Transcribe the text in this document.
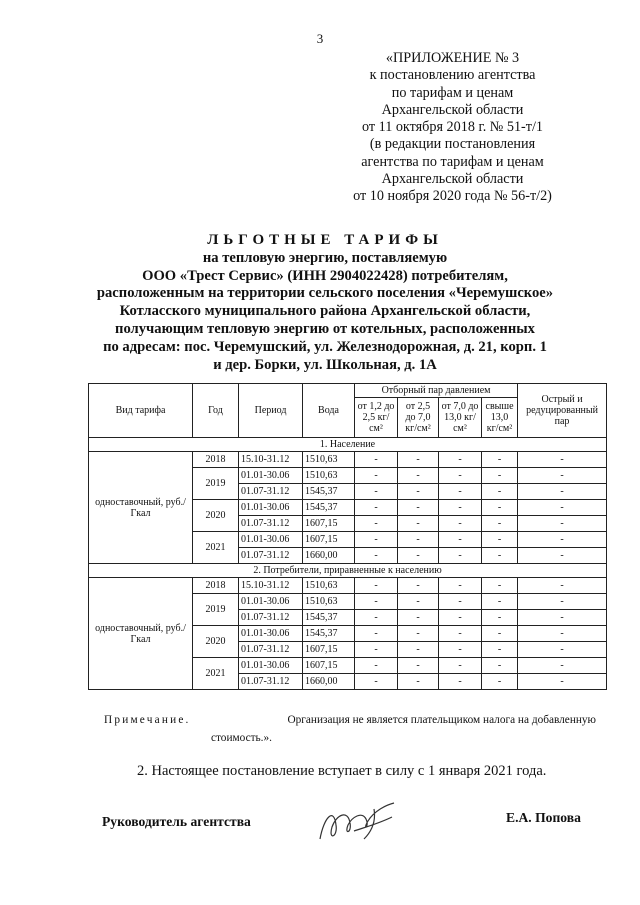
3
«ПРИЛОЖЕНИЕ № 3
к постановлению агентства
по тарифам и ценам
Архангельской области
от 11 октября 2018 г. № 51-т/1
(в редакции постановления
агентства по тарифам и ценам
Архангельской области
от 10 ноября 2020 года № 56-т/2)
ЛЬГОТНЫЕ ТАРИФЫ
на тепловую энергию, поставляемую
ООО «Трест Сервис» (ИНН 2904022428) потребителям,
расположенным на территории сельского поселения «Черемушское»
Котласского муниципального района Архангельской области,
получающим тепловую энергию от котельных, расположенных
по адресам: пос. Черемушский, ул. Железнодорожная, д. 21, корп. 1
и дер. Борки, ул. Школьная, д. 1А
Вид тарифа	Год	Период	Вода	Отборный пар давлением				Острый и редуцированный пар
				от 1,2 до 2,5 кг/см²	от 2,5 до 7,0 кг/см²	от 7,0 до 13,0 кг/см²	свыше 13,0 кг/см²	
1. Население								
одноставочный, руб./Гкал	2018	15.10-31.12	1510,63	-	-	-	-	-
	2019	01.01-30.06	1510,63	-	-	-	-	-
		01.07-31.12	1545,37	-	-	-	-	-
	2020	01.01-30.06	1545,37	-	-	-	-	-
		01.07-31.12	1607,15	-	-	-	-	-
	2021	01.01-30.06	1607,15	-	-	-	-	-
		01.07-31.12	1660,00	-	-	-	-	-
2. Потребители, приравненные к населению								
одноставочный, руб./Гкал	2018	15.10-31.12	1510,63	-	-	-	-	-
	2019	01.01-30.06	1510,63	-	-	-	-	-
		01.07-31.12	1545,37	-	-	-	-	-
	2020	01.01-30.06	1545,37	-	-	-	-	-
		01.07-31.12	1607,15	-	-	-	-	-
	2021	01.01-30.06	1607,15	-	-	-	-	-
		01.07-31.12	1660,00	-	-	-	-	-
Примечание.	Организация не является плательщиком налога на добавленную
стоимость.».
2. Настоящее постановление вступает в силу с 1 января 2021 года.
Руководитель агентства	Е.А. Попова
